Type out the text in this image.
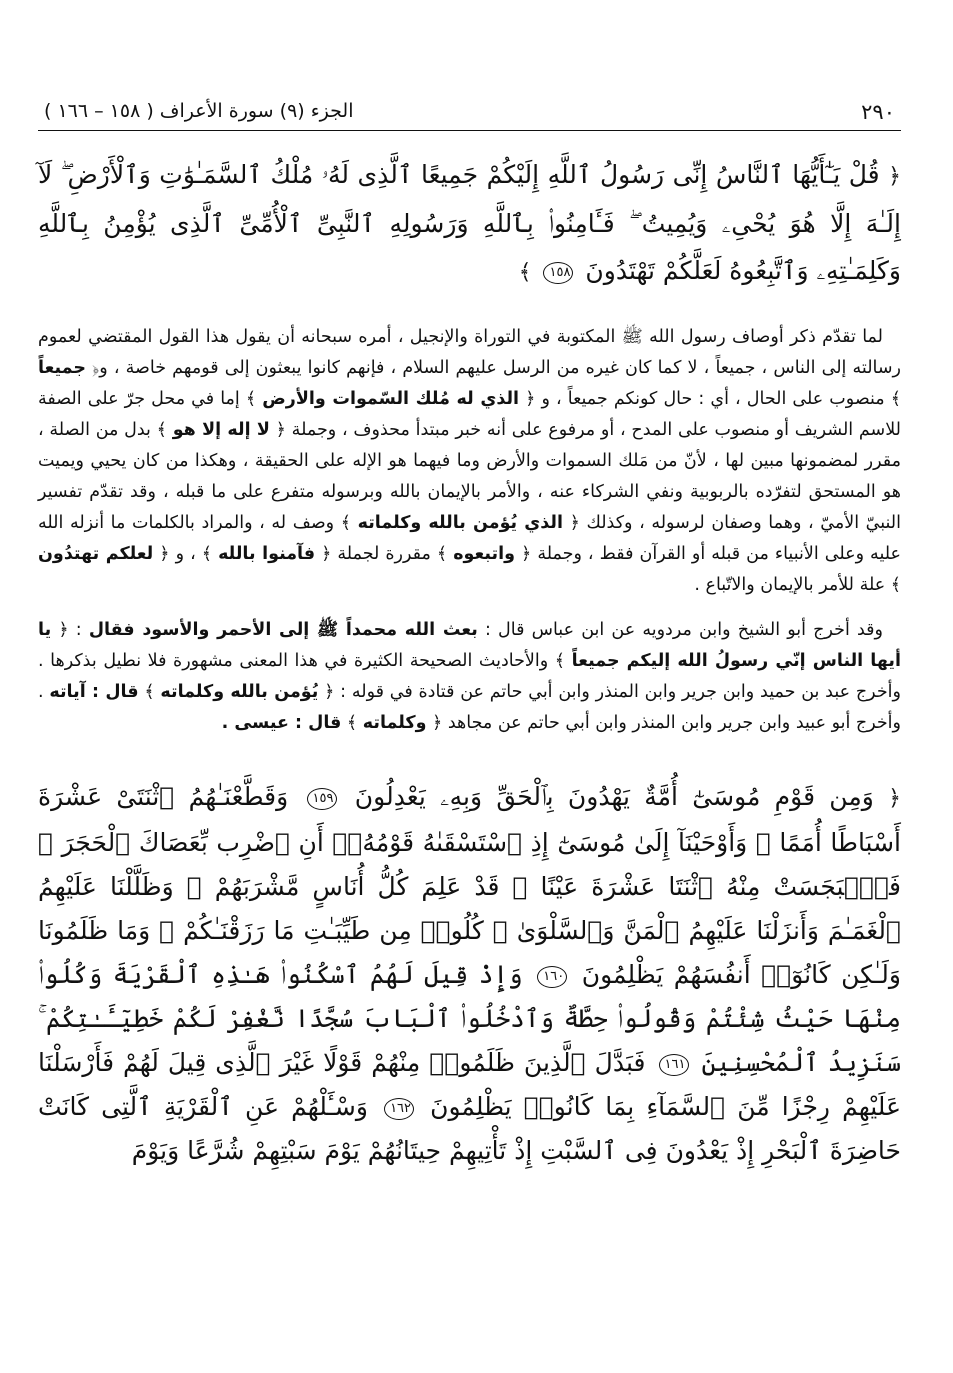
٢٩٠
الجزء (٩) سورة الأعراف ( ١٥٨ – ١٦٦ )
﴿ قُلْ يَـٰٓأَيُّهَا ٱلنَّاسُ إِنِّى رَسُولُ ٱللَّهِ إِلَيْكُمْ جَمِيعًا ٱلَّذِى لَهُۥ مُلْكُ ٱلسَّمَـٰوَٰتِ وَٱلْأَرْضِ ۖ لَآ إِلَـٰهَ إِلَّا هُوَ يُحْىِۦ وَيُمِيتُ ۖ فَـَٔامِنُوا۟ بِٱللَّهِ وَرَسُولِهِ ٱلنَّبِىِّ ٱلْأُمِّىِّ ٱلَّذِى يُؤْمِنُ بِٱللَّهِ وَكَلِمَـٰتِهِۦ وَٱتَّبِعُوهُ لَعَلَّكُمْ تَهْتَدُونَ ١٥٨ ﴾

لما تقدّم ذكر أوصاف رسول الله ﷺ المكتوبة في التوراة والإنجيل ، أمره سبحانه أن يقول هذا القول المقتضي لعموم رسالته إلى الناس ، جميعاً ، لا كما كان غيره من الرسل عليهم السلام ، فإنهم كانوا يبعثون إلى قومهم خاصة ، و﴿ جميعاً ﴾ منصوب على الحال ، أي : حال كونكم جميعاً ، و ﴿ الذي له مُلك السّموات والأرض ﴾ إما في محل جرّ على الصفة للاسم الشريف أو منصوب على المدح ، أو مرفوع على أنه خبر مبتدأ محذوف ، وجملة ﴿ لا إله إلا هو ﴾ بدل من الصلة ، مقرر لمضمونها مبين لها ، لأنّ من مَلك السموات والأرض وما فيهما هو الإله على الحقيقة ، وهكذا من كان يحيي ويميت هو المستحق لتفرّده بالربوبية ونفي الشركاء عنه ، والأمر بالإيمان بالله وبرسوله متفرع على ما قبله ، وقد تقدّم تفسير النبيّ الأميّ ، وهما وصفان لرسوله ، وكذلك ﴿ الذي يُؤمن بالله وكلماته ﴾ وصف له ، والمراد بالكلمات ما أنزله الله عليه وعلى الأنبياء من قبله أو القرآن فقط ، وجملة ﴿ واتبعوه ﴾ مقررة لجملة ﴿ فآمنوا بالله ﴾ ، و ﴿ لعلكم تهتدُون ﴾ علة للأمر بالإيمان والاتّباع .

وقد أخرج أبو الشيخ وابن مردويه عن ابن عباس قال : بعث الله محمداً ﷺ إلى الأحمر والأسود فقال : ﴿ يا أيها الناس إنّي رسولُ الله إليكم جميعاً ﴾ والأحاديث الصحيحة الكثيرة في هذا المعنى مشهورة فلا نطيل بذكرها . وأخرج عبد بن حميد وابن جرير وابن المنذر وابن أبي حاتم عن قتادة في قوله : ﴿ يُؤمن بالله وكلماته ﴾ قال : آياته . وأخرج أبو عبيد وابن جرير وابن المنذر وابن أبي حاتم عن مجاهد ﴿ وكلماته ﴾ قال : عيسى .

﴿ وَمِن قَوْمِ مُوسَىٰٓ أُمَّةٌ يَهْدُونَ بِٱلْحَقِّ وَبِهِۦ يَعْدِلُونَ ١٥٩ وَقَطَّعْنَـٰهُمُ ٱثْنَتَىْ عَشْرَةَ أَسْبَاطًا أُمَمًا ۚ وَأَوْحَيْنَآ إِلَىٰ مُوسَىٰٓ إِذِ ٱسْتَسْقَىٰهُ قَوْمُهُۥٓ أَنِ ٱضْرِب بِّعَصَاكَ ٱلْحَجَرَ ۖ فَٱنۢبَجَسَتْ مِنْهُ ٱثْنَتَا عَشْرَةَ عَيْنًا ۖ قَدْ عَلِمَ كُلُّ أُنَاسٍ مَّشْرَبَهُمْ ۚ وَظَلَّلْنَا عَلَيْهِمُ ٱلْغَمَـٰمَ وَأَنزَلْنَا عَلَيْهِمُ ٱلْمَنَّ وَٱلسَّلْوَىٰ ۖ كُلُوا۟ مِن طَيِّبَـٰتِ مَا رَزَقْنَـٰكُمْ ۚ وَمَا ظَلَمُونَا وَلَـٰكِن كَانُوٓا۟ أَنفُسَهُمْ يَظْلِمُونَ ١٦٠ وَإِذْ قِيلَ لَهُمُ ٱسْكُنُوا۟ هَـٰذِهِ ٱلْقَرْيَةَ وَكُلُوا۟ مِنْهَا حَيْثُ شِئْتُمْ وَقُولُوا۟ حِطَّةٌ وَٱدْخُلُوا۟ ٱلْبَابَ سُجَّدًا نَّغْفِرْ لَكُمْ خَطِيٓـَٔـٰتِكُمْ ۚ سَنَزِيدُ ٱلْمُحْسِنِينَ ١٦١ فَبَدَّلَ ٱلَّذِينَ ظَلَمُوا۟ مِنْهُمْ قَوْلًا غَيْرَ ٱلَّذِى قِيلَ لَهُمْ فَأَرْسَلْنَا عَلَيْهِمْ رِجْزًا مِّنَ ٱلسَّمَآءِ بِمَا كَانُوا۟ يَظْلِمُونَ ١٦٢ وَسْـَٔلْهُمْ عَنِ ٱلْقَرْيَةِ ٱلَّتِى كَانَتْ حَاضِرَةَ ٱلْبَحْرِ إِذْ يَعْدُونَ فِى ٱلسَّبْتِ إِذْ تَأْتِيهِمْ حِيتَانُهُمْ يَوْمَ سَبْتِهِمْ شُرَّعًا وَيَوْمَ
